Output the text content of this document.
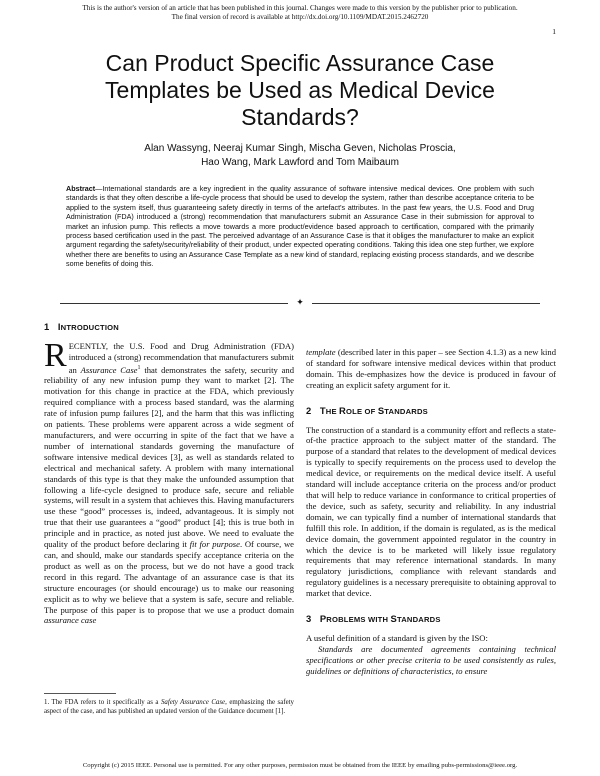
This is the author's version of an article that has been published in this journal. Changes were made to this version by the publisher prior to publication.
The final version of record is available at http://dx.doi.org/10.1109/MDAT.2015.2462720
1
Can Product Specific Assurance Case Templates be Used as Medical Device Standards?
Alan Wassyng, Neeraj Kumar Singh, Mischa Geven, Nicholas Proscia,
Hao Wang, Mark Lawford and Tom Maibaum
Abstract—International standards are a key ingredient in the quality assurance of software intensive medical devices. One problem with such standards is that they often describe a life-cycle process that should be used to develop the system, rather than describe acceptance criteria to be applied to the system itself, thus guaranteeing safety directly in terms of the artefact's attributes. In the past few years, the U.S. Food and Drug Administration (FDA) introduced a (strong) recommendation that manufacturers submit an Assurance Case in their submission for approval to market an infusion pump. This reflects a move towards a more product/evidence based approach to certification, compared with the primarily process based certification used in the past. The perceived advantage of an Assurance Case is that it obliges the manufacturer to make an explicit argument regarding the safety/security/reliability of their product, under expected operating conditions. Taking this idea one step further, we explore whether there are benefits to using an Assurance Case Template as a new kind of standard, replacing existing process standards, and we describe some benefits of doing this.
✦
1 INTRODUCTION

RECENTLY, the U.S. Food and Drug Administration (FDA) introduced a (strong) recommendation that manufacturers submit an Assurance Case$^1$ that demonstrates the safety, security and reliability of any new infusion pump they want to market [2]. The motivation for this change in practice at the FDA, which previously required compliance with a process based standard, was the alarming rate of infusion pump failures [2], and the harm that this was inflicting on patients. These problems were apparent across a wide segment of manufacturers, and were occurring in spite of the fact that we have a number of international standards governing the manufacture of software intensive medical devices [3], as well as standards related to electrical and mechanical safety. A problem with many international standards of this type is that they make the unfounded assumption that following a life-cycle designed to produce safe, secure and reliable systems, will result in a system that achieves this. Having manufacturers use these “good” processes is, indeed, advantageous. It is simply not true that their use guarantees a “good” product [4]; this is true both in principle and in practice, as noted just above. We need to evaluate the quality of the product before declaring it fit for purpose. Of course, we can, and should, make our standards specify acceptance criteria on the product as well as on the process, but we do not have a good track record in this regard. The advantage of an assurance case is that its structure encourages (or should encourage) us to make our reasoning explicit as to why we believe that a system is safe, secure and reliable. The purpose of this paper is to propose that we use a product domain assurance case

1. The FDA refers to it specifically as a Safety Assurance Case, emphasizing the safety aspect of the case, and has published an updated version of the Guidance document [1].

template (described later in this paper – see Section 4.1.3) as a new kind of standard for software intensive medical devices within that product domain. This de-emphasizes how the device is produced in favour of creating an explicit safety argument for it.

2 THE ROLE OF STANDARDS

The construction of a standard is a community effort and reflects a state-of-the practice approach to the subject matter of the standard. The purpose of a standard that relates to the development of medical devices is typically to specify requirements on the process used to develop the medical device, or requirements on the medical device itself. A useful standard will include acceptance criteria on the process and/or product that will help to reduce variance in conformance to critical properties of the device, such as safety, security and reliability. In any industrial domain, we can typically find a number of international standards that fulfill this role. In addition, if the domain is regulated, as is the medical device domain, the government appointed regulator in the country in which the device is to be marketed will likely issue regulatory requirements that may reference international standards. In many regulatory jurisdictions, compliance with relevant standards and regulatory guidelines is a necessary prerequisite to obtaining approval to market that device.

3 PROBLEMS WITH STANDARDS

A useful definition of a standard is given by the ISO:

Standards are documented agreements containing technical specifications or other precise criteria to be used consistently as rules, guidelines or definitions of characteristics, to ensure

Copyright (c) 2015 IEEE. Personal use is permitted. For any other purposes, permission must be obtained from the IEEE by emailing pubs-permissions@ieee.org.
